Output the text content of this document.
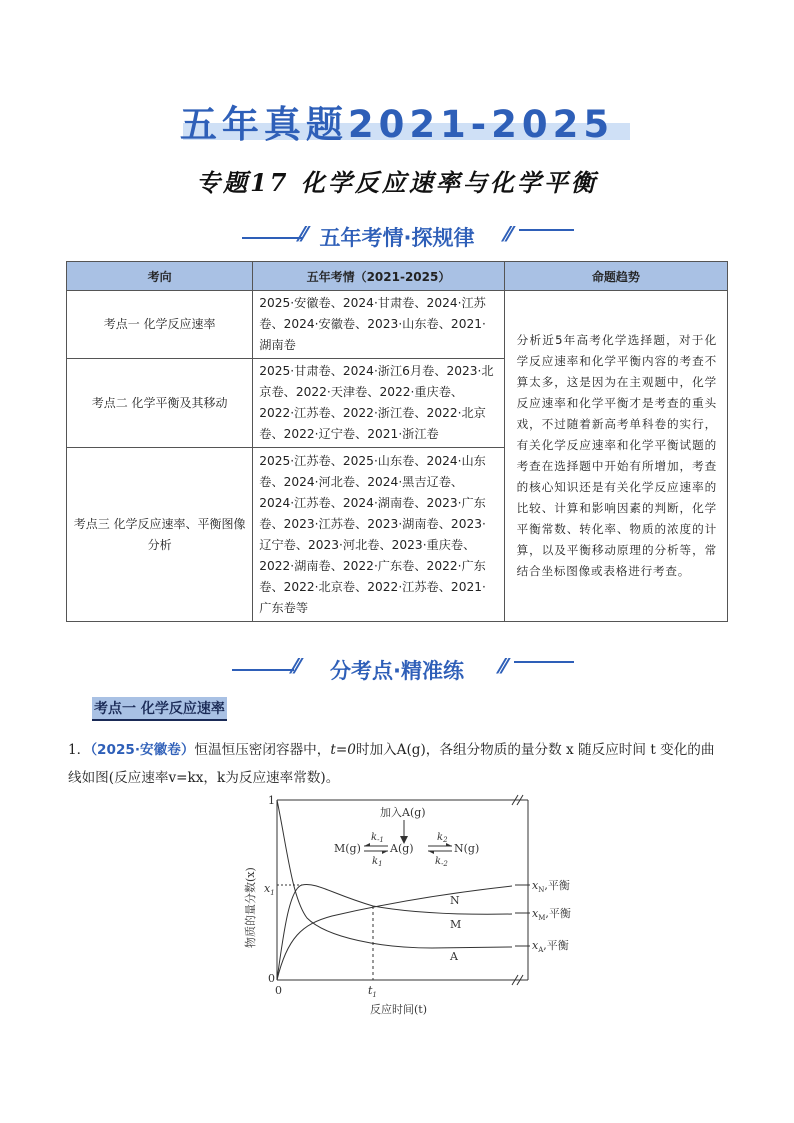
五年真题2021-2025
专题17 化学反应速率与化学平衡
⁄⁄ 五年考情·探规律	⁄⁄
考向	五年考情（2021-2025）	命题趋势
考点一 化学反应速率	2025·安徽卷、2024·甘肃卷、2024·江苏卷、2024·安徽卷、2023·山东卷、2021·湖南卷	分析近5年高考化学选择题，对于化学反应速率和化学平衡内容的考查不算太多，这是因为在主观题中，化学反应速率和化学平衡才是考查的重头戏，不过随着新高考单科卷的实行，有关化学反应速率和化学平衡试题的考查在选择题中开始有所增加，考查的核心知识还是有关化学反应速率的比较、计算和影响因素的判断，化学平衡常数、转化率、物质的浓度的计算，以及平衡移动原理的分析等，常结合坐标图像或表格进行考查。
考点二 化学平衡及其移动	2025·甘肃卷、2024·浙江6月卷、2023·北京卷、2022·天津卷、2022·重庆卷、2022·江苏卷、2022·浙江卷、2022·北京卷、2022·辽宁卷、2021·浙江卷	
考点三 化学反应速率、平衡图像分析	2025·江苏卷、2025·山东卷、2024·山东卷、2024·河北卷、2024·黑吉辽卷、2024·江苏卷、2024·湖南卷、2023·广东卷、2023·江苏卷、2023·湖南卷、2023·辽宁卷、2023·河北卷、2023·重庆卷、2022·湖南卷、2022·广东卷、2022·广东卷、2022·北京卷、2022·江苏卷、2021·广东卷等	
⁄⁄	分考点·精准练	⁄⁄
考点一 化学反应速率
1．（2025·安徽卷）恒温恒压密闭容器中，t=0时加入A(g)，各组分物质的量分数 x 随反应时间 t 变化的曲线如图(反应速率v=kx，k为反应速率常数)。
1
$x_1$
0
0	$t_1$
物质的量分数(x)
反应时间(t)
N
M
A
$x_N$,平衡
$x_M$,平衡
$x_A$,平衡
加入A(g)
M(g)	A(g)	N(g)
$k_{-1}$
$k_1$
$k_2$
$k_{-2}$
